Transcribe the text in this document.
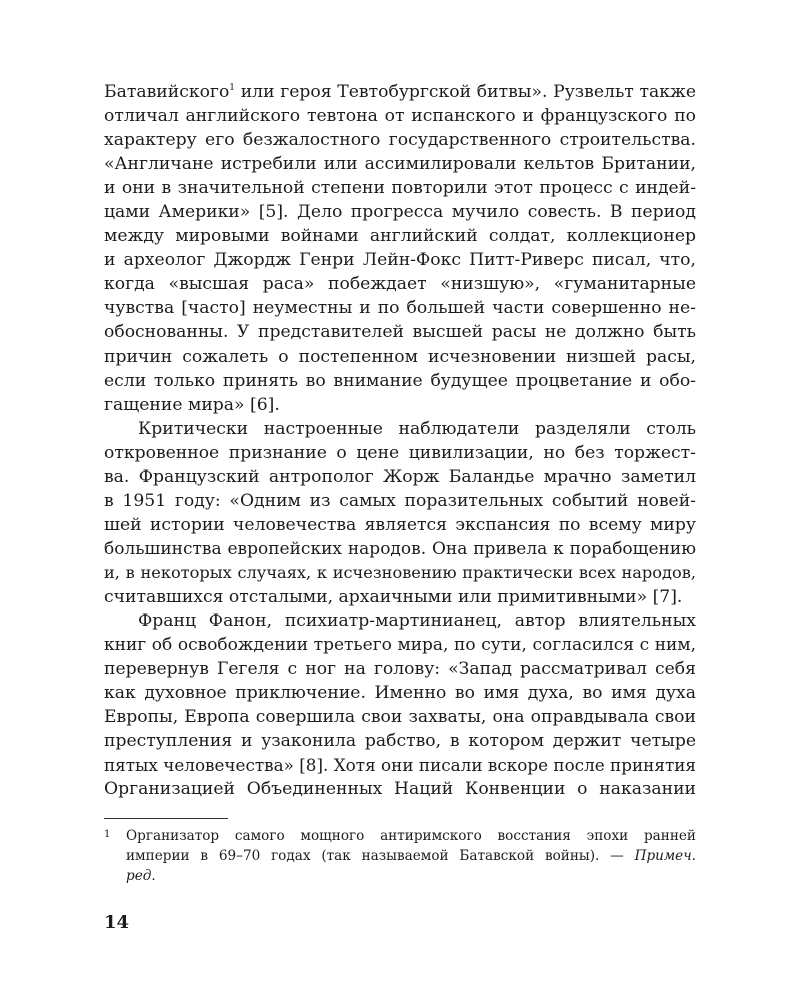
Батавийского$^1$ или героя Тевтобургской битвы». Рузвельт также
отличал английского тевтона от испанского и французского по
характеру его безжалостного государственного строительства.
«Англичане истребили или ассимилировали кельтов Британии,
и они в значительной степени повторили этот процесс с индей-
цами Америки» [5]. Дело прогресса мучило совесть. В период
между мировыми войнами английский солдат, коллекционер
и археолог Джордж Генри Лейн-Фокс Питт-Риверс писал, что,
когда «высшая раса» побеждает «низшую», «гуманитарные
чувства [часто] неуместны и по большей части совершенно не-
обоснованны. У представителей высшей расы не должно быть
причин сожалеть о постепенном исчезновении низшей расы,
если только принять во внимание будущее процветание и обо-
гащение мира» [6].
Критически настроенные наблюдатели разделяли столь
откровенное признание о цене цивилизации, но без торжест-
ва. Французский антрополог Жорж Баландье мрачно заметил
в 1951 году: «Одним из самых поразительных событий новей-
шей истории человечества является экспансия по всему миру
большинства европейских народов. Она привела к порабощению
и, в некоторых случаях, к исчезновению практически всех народов,
считавшихся отсталыми, архаичными или примитивными» [7].
Франц Фанон, психиатр-мартинианец, автор влиятельных
книг об освобождении третьего мира, по сути, согласился с ним,
перевернув Гегеля с ног на голову: «Запад рассматривал себя
как духовное приключение. Именно во имя духа, во имя духа
Европы, Европа совершила свои захваты, она оправдывала свои
преступления и узаконила рабство, в котором держит четыре
пятых человечества» [8]. Хотя они писали вскоре после принятия
Организацией Объединенных Наций Конвенции о наказании
1 Организатор самого мощного антиримского восстания эпохи ранней
империи в 69–70 годах (так называемой Батавской войны). — Примеч.
ред.
14
